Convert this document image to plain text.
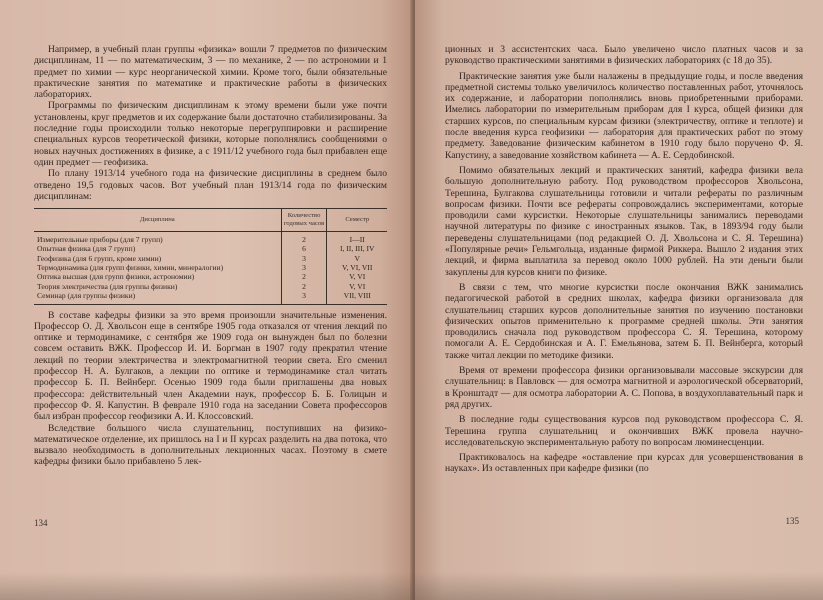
Например, в учебный план группы «физика» вошли 7 предметов по физическим дисциплинам, 11 — по математическим, 3 — по механике, 2 — по астрономии и 1 предмет по химии — курс неорганической химии. Кроме того, были обязательные практические занятия по математике и практические работы в физических лабораториях.

Программы по физическим дисциплинам к этому времени были уже почти установлены, круг предметов и их содержание были достаточно стабилизированы. За последние годы происходили только некоторые перегруппировки и расширение специальных курсов теоретической физики, которые пополнялись сообщениями о новых научных достижениях в физике, а с 1911/12 учебного года был прибавлен еще один предмет — геофизика.

По плану 1913/14 учебного года на физические дисциплины в среднем было отведено 19,5 годовых часов. Вот учебный план 1913/14 года по физическим дисциплинам:

Дисциплина	Количество годовых часов	Семестр
Измерительные приборы (для 7 групп)	2	I—II
Опытная физика (для 7 групп)	6	I, II, III, IV
Геофизика (для 6 групп, кроме химии)	3	V
Термодинамика (для групп физики, химии, минералогии)	3	V, VI, VII
Оптика высшая (для групп физики, астрономии)	2	V, VI
Теория электричества (для группы физики)	2	V, VI
Семинар (для группы физики)	3	VII, VIII

В составе кафедры физики за это время произошли значительные изменения. Профессор О. Д. Хвольсон еще в сентябре 1905 года отказался от чтения лекций по оптике и термодинамике, с сентября же 1909 года он вынужден был по болезни совсем оставить ВЖК. Профессор И. И. Боргман в 1907 году прекратил чтение лекций по теории электричества и электромагнитной теории света. Его сменил профессор Н. А. Булгаков, а лекции по оптике и термодинамике стал читать профессор Б. П. Вейнберг. Осенью 1909 года были приглашены два новых профессора: действительный член Академии наук, профессор Б. Б. Голицын и профессор Ф. Я. Капустин. В феврале 1910 года на заседании Совета профессоров был избран профессор геофизики А. И. Клоссовский.

Вследствие большого числа слушательниц, поступивших на физико-математическое отделение, их пришлось на I и II курсах разделить на два потока, что вызвало необходимость в дополнительных лекционных часах. Поэтому в смете кафедры физики было прибавлено 5 лек-

134

ционных и 3 ассистентских часа. Было увеличено число платных часов и за руководство практическими занятиями в физических лабораториях (с 18 до 35).

Практические занятия уже были налажены в предыдущие годы, и после введения предметной системы только увеличилось количество поставленных работ, уточнялось их содержание, и лаборатории пополнялись вновь приобретенными приборами. Имелись лаборатории по измерительным приборам для I курса, общей физики для старших курсов, по специальным курсам физики (электричеству, оптике и теплоте) и после введения курса геофизики — лаборатория для практических работ по этому предмету. Заведование физическим кабинетом в 1910 году было поручено Ф. Я. Капустину, а заведование хозяйством кабинета — А. Е. Сердобинской.

Помимо обязательных лекций и практических занятий, кафедра физики вела большую дополнительную работу. Под руководством профессоров Хвольсона, Терешина, Булгакова слушательницы готовили и читали рефераты по различным вопросам физики. Почти все рефераты сопровождались экспериментами, которые проводили сами курсистки. Некоторые слушательницы занимались переводами научной литературы по физике с иностранных языков. Так, в 1893/94 году были переведены слушательницами (под редакцией О. Д. Хвольсона и С. Я. Терешина) «Популярные речи» Гельмгольца, изданные фирмой Риккера. Вышло 2 издания этих лекций, и фирма выплатила за перевод около 1000 рублей. На эти деньги были закуплены для курсов книги по физике.

В связи с тем, что многие курсистки после окончания ВЖК занимались педагогической работой в средних школах, кафедра физики организовала для слушательниц старших курсов дополнительные занятия по изучению постановки физических опытов применительно к программе средней школы. Эти занятия проводились сначала под руководством профессора С. Я. Терешина, которому помогали А. Е. Сердобинская и А. Г. Емельянова, затем Б. П. Вейнберга, который также читал лекции по методике физики.

Время от времени профессора физики организовывали массовые экскурсии для слушательниц: в Павловск — для осмотра магнитной и аэрологической обсерваторий, в Кронштадт — для осмотра лаборатории А. С. Попова, в воздухоплавательный парк и ряд других.

В последние годы существования курсов под руководством профессора С. Я. Терешина группа слушательниц и окончивших ВЖК провела научно-исследовательскую экспериментальную работу по вопросам люминесценции.

Практиковалось на кафедре «оставление при курсах для усовершенствования в науках». Из оставленных при кафедре физики (по

135
